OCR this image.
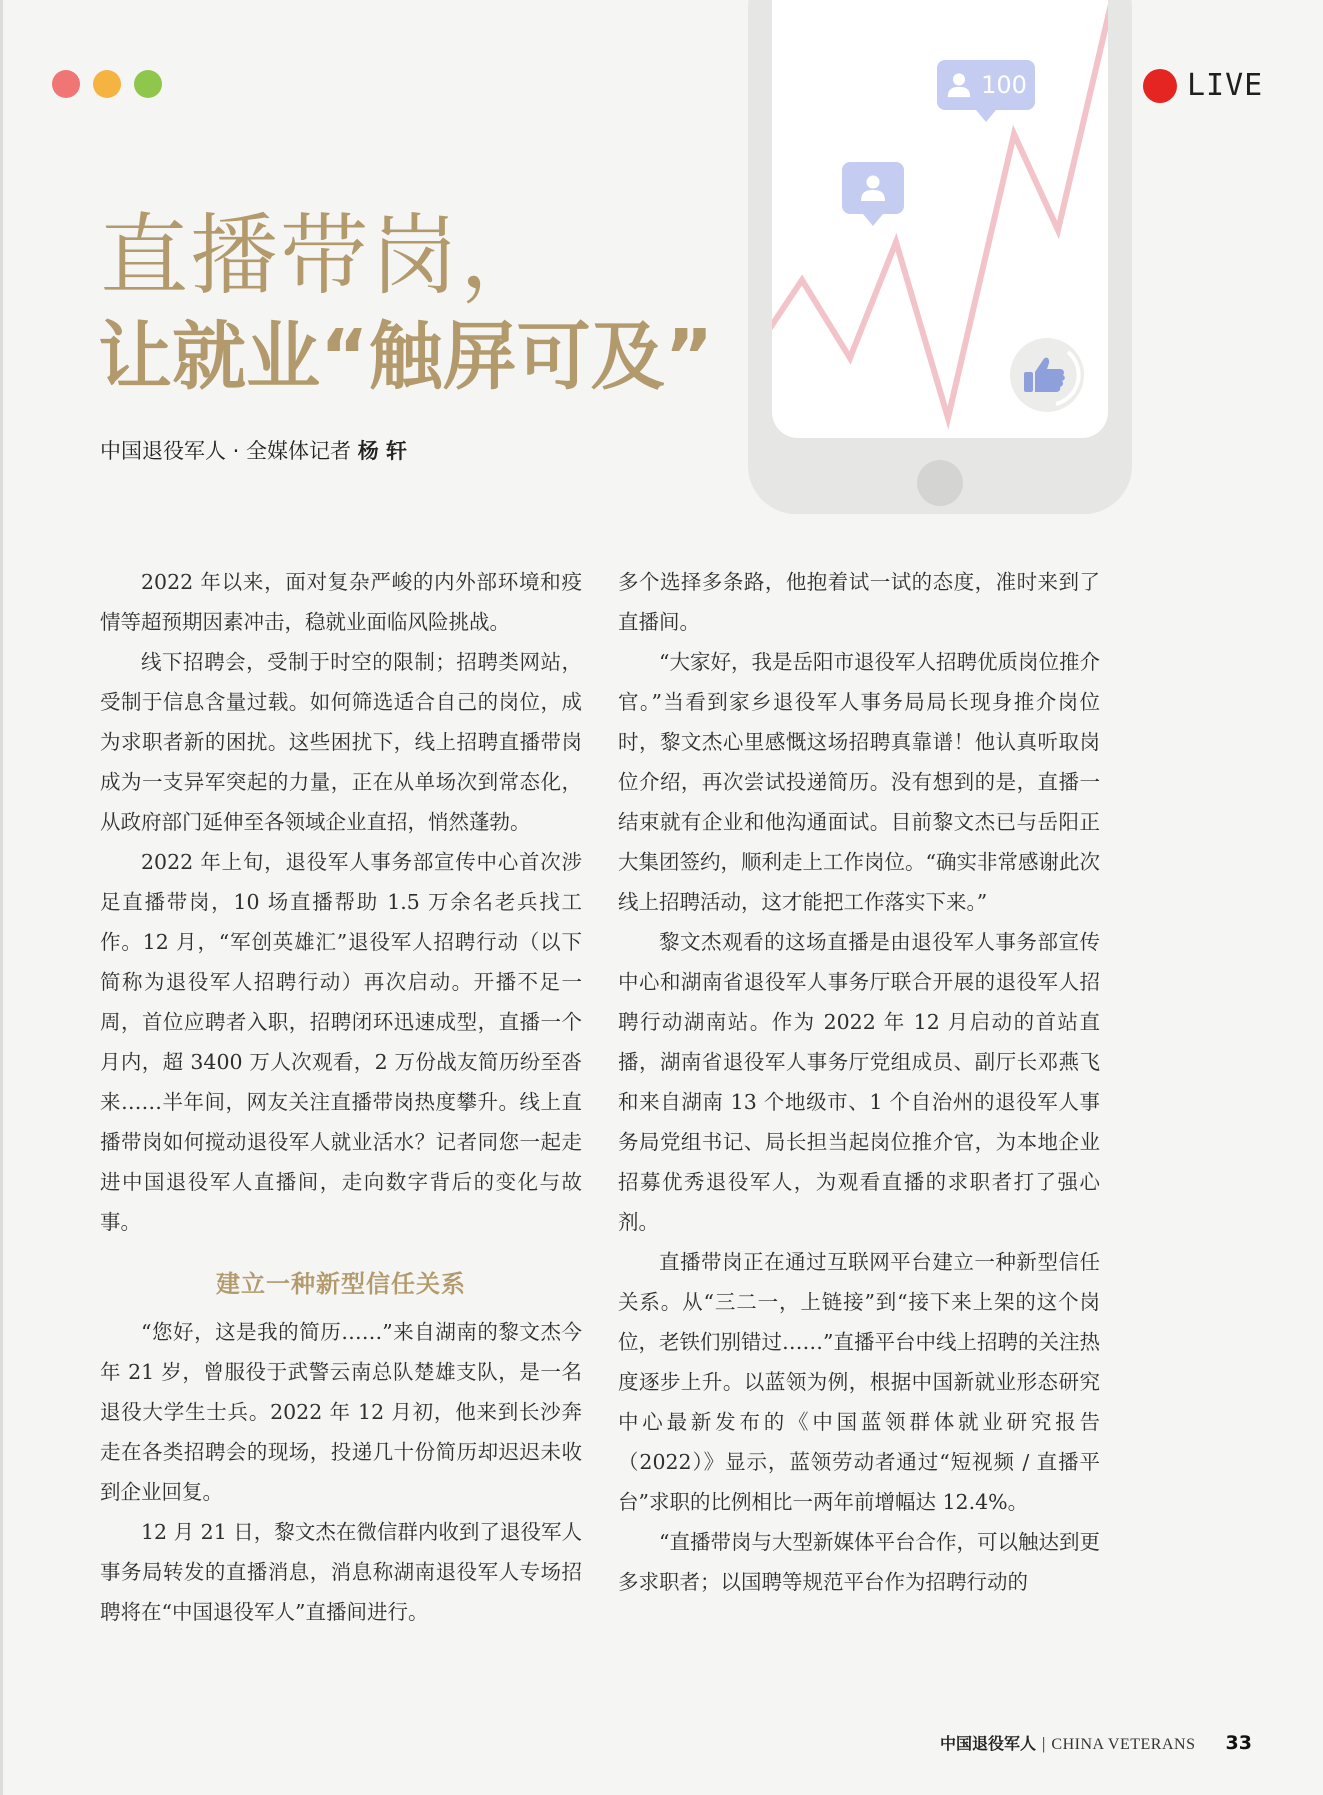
100	LIVE
直播带岗，
让就业“触屏可及”
中国退役军人 · 全媒体记者 杨 轩

2022 年以来，面对复杂严峻的内外部环境和疫情等超预期因素冲击，稳就业面临风险挑战。

线下招聘会，受制于时空的限制；招聘类网站，受制于信息含量过载。如何筛选适合自己的岗位，成为求职者新的困扰。这些困扰下，线上招聘直播带岗成为一支异军突起的力量，正在从单场次到常态化，从政府部门延伸至各领域企业直招，悄然蓬勃。

2022 年上旬，退役军人事务部宣传中心首次涉足直播带岗，10 场直播帮助 1.5 万余名老兵找工作。12 月，“军创英雄汇”退役军人招聘行动（以下简称为退役军人招聘行动）再次启动。开播不足一周，首位应聘者入职，招聘闭环迅速成型，直播一个月内，超 3400 万人次观看，2 万份战友简历纷至沓来……半年间，网友关注直播带岗热度攀升。线上直播带岗如何搅动退役军人就业活水？记者同您一起走进中国退役军人直播间，走向数字背后的变化与故事。

建立一种新型信任关系

“您好，这是我的简历……”来自湖南的黎文杰今年 21 岁，曾服役于武警云南总队楚雄支队，是一名退役大学生士兵。2022 年 12 月初，他来到长沙奔走在各类招聘会的现场，投递几十份简历却迟迟未收到企业回复。

12 月 21 日，黎文杰在微信群内收到了退役军人事务局转发的直播消息，消息称湖南退役军人专场招聘将在“中国退役军人”直播间进行。

多个选择多条路，他抱着试一试的态度，准时来到了直播间。

“大家好，我是岳阳市退役军人招聘优质岗位推介官。”当看到家乡退役军人事务局局长现身推介岗位时，黎文杰心里感慨这场招聘真靠谱！他认真听取岗位介绍，再次尝试投递简历。没有想到的是，直播一结束就有企业和他沟通面试。目前黎文杰已与岳阳正大集团签约，顺利走上工作岗位。“确实非常感谢此次线上招聘活动，这才能把工作落实下来。”

黎文杰观看的这场直播是由退役军人事务部宣传中心和湖南省退役军人事务厅联合开展的退役军人招聘行动湖南站。作为 2022 年 12 月启动的首站直播，湖南省退役军人事务厅党组成员、副厅长邓燕飞和来自湖南 13 个地级市、1 个自治州的退役军人事务局党组书记、局长担当起岗位推介官，为本地企业招募优秀退役军人，为观看直播的求职者打了强心剂。

直播带岗正在通过互联网平台建立一种新型信任关系。从“三二一，上链接”到“接下来上架的这个岗位，老铁们别错过……”直播平台中线上招聘的关注热度逐步上升。以蓝领为例，根据中国新就业形态研究中心最新发布的《中国蓝领群体就业研究报告（2022）》显示，蓝领劳动者通过“短视频 / 直播平台”求职的比例相比一两年前增幅达 12.4%。

“直播带岗与大型新媒体平台合作，可以触达到更多求职者；以国聘等规范平台作为招聘行动的

中国退役军人 | CHINA VETERANS 33
